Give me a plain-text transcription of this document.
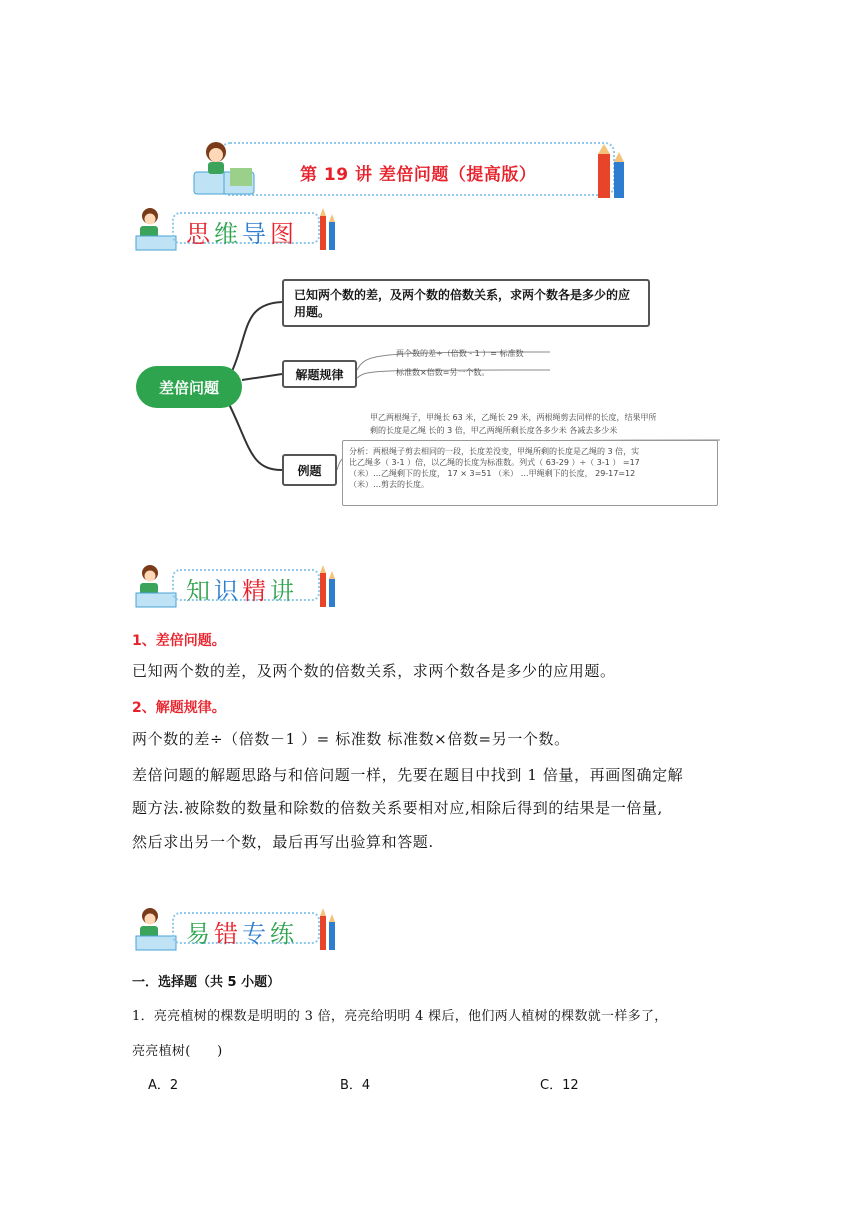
第 19 讲 差倍问题（提高版）
思维导图
差倍问题
已知两个数的差，及两个数的倍数关系，求两个数各是多少的应用题。
解题规律
两个数的差÷（倍数 - 1 ）= 标准数
标准数×倍数=另一个数。
例题
甲乙两根绳子，甲绳长 63 米，乙绳长 29 米，两根绳剪去同样的长度，结果甲所
剩的长度是乙绳 长的 3 倍，甲乙两绳所剩长度各多少米 各减去多少米
分析：两根绳子剪去相同的一段，长度差没变，甲绳所剩的长度是乙绳的 3 倍，实
比乙绳多（ 3-1 ）倍，以乙绳的长度为标准数。列式（ 63-29 ）÷（ 3-1 ） =17
（米）…乙绳剩下的长度， 17 × 3=51 （米） …甲绳剩下的长度， 29-17=12
（米）…剪去的长度。
知识精讲
1、差倍问题。
已知两个数的差，及两个数的倍数关系，求两个数各是多少的应用题。
2、解题规律。
两个数的差÷（倍数－1 ）= 标准数 标准数×倍数=另一个数。
差倍问题的解题思路与和倍问题一样，先要在题目中找到 1 倍量，再画图确定解
题方法.被除数的数量和除数的倍数关系要相对应,相除后得到的结果是一倍量,
然后求出另一个数，最后再写出验算和答题.
易错专练
一．选择题（共 5 小题）
1．亮亮植树的棵数是明明的 3 倍，亮亮给明明 4 棵后，他们两人植树的棵数就一样多了，
亮亮植树(　　)
A．2	B．4	C．12
